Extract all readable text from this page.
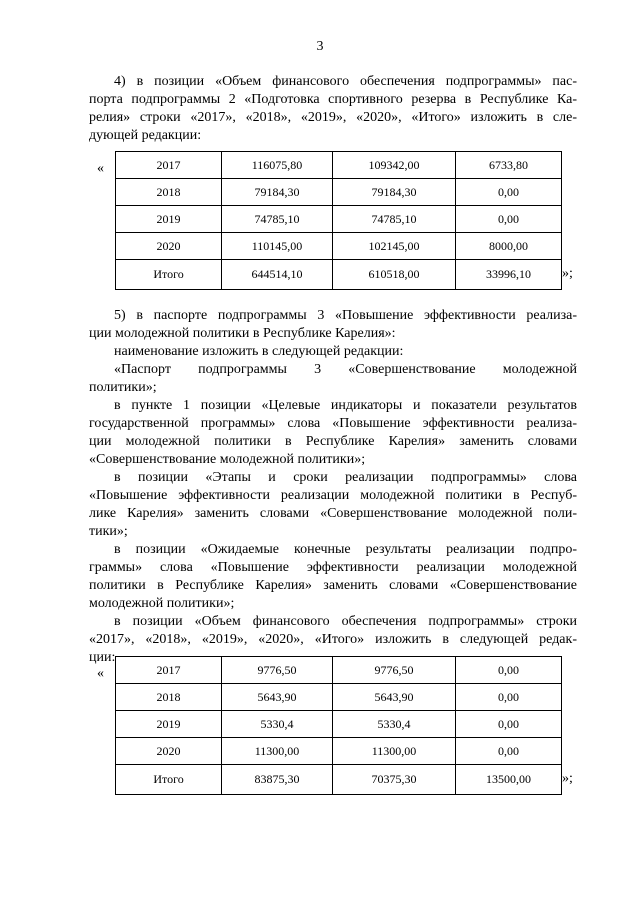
3
4) в позиции «Объем финансового обеспечения подпрограммы» пас-
порта подпрограммы 2 «Подготовка спортивного резерва в Республике Ка-
релия» строки «2017», «2018», «2019», «2020», «Итого» изложить в сле-
дующей редакции:
«	2017	116075,80	109342,00	6733,80
2018	79184,30	79184,30	0,00
2019	74785,10	74785,10	0,00
2020	110145,00	102145,00	8000,00
Итого	644514,10	610518,00	33996,10 »;
5) в паспорте подпрограммы 3 «Повышение эффективности реализа-
ции молодежной политики в Республике Карелия»:
наименование изложить в следующей редакции:
«Паспорт подпрограммы 3 «Совершенствование молодежной
политики»;
в пункте 1 позиции «Целевые индикаторы и показатели результатов
государственной программы» слова «Повышение эффективности реализа-
ции молодежной политики в Республике Карелия» заменить словами
«Совершенствование молодежной политики»;
в позиции «Этапы и сроки реализации подпрограммы» слова
«Повышение эффективности реализации молодежной политики в Респуб-
лике Карелия» заменить словами «Совершенствование молодежной поли-
тики»;
в позиции «Ожидаемые конечные результаты реализации подпро-
граммы» слова «Повышение эффективности реализации молодежной
политики в Республике Карелия» заменить словами «Совершенствование
молодежной политики»;
в позиции «Объем финансового обеспечения подпрограммы» строки
«2017», «2018», «2019», «2020», «Итого» изложить в следующей редак-
ции:
«	2017	9776,50	9776,50	0,00
2018	5643,90	5643,90	0,00
2019	5330,4	5330,4	0,00
2020	11300,00	11300,00	0,00
Итого	83875,30	70375,30	13500,00 »;
